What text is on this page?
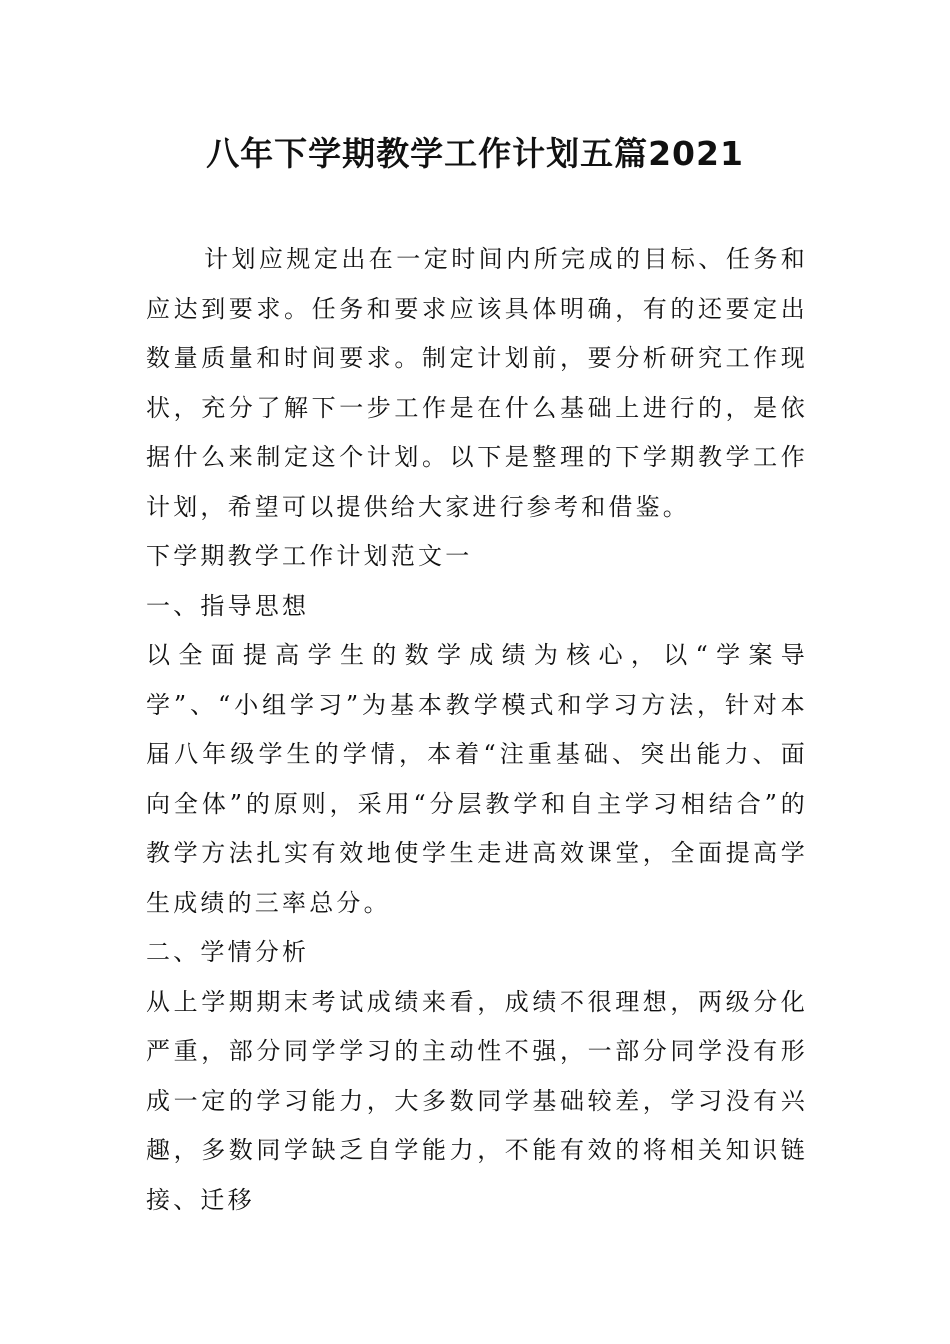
八年下学期教学工作计划五篇2021

计划应规定出在一定时间内所完成的目标、任务和应达到要求。任务和要求应该具体明确，有的还要定出数量质量和时间要求。制定计划前，要分析研究工作现状，充分了解下一步工作是在什么基础上进行的，是依据什么来制定这个计划。以下是整理的下学期教学工作计划，希望可以提供给大家进行参考和借鉴。

下学期教学工作计划范文一

一、指导思想

以全面提高学生的数学成绩为核心，以“学案导学”、“小组学习”为基本教学模式和学习方法，针对本届八年级学生的学情，本着“注重基础、突出能力、面向全体”的原则，采用“分层教学和自主学习相结合”的教学方法扎实有效地使学生走进高效课堂，全面提高学生成绩的三率总分。

二、学情分析

从上学期期末考试成绩来看，成绩不很理想，两级分化严重，部分同学学习的主动性不强，一部分同学没有形成一定的学习能力，大多数同学基础较差，学习没有兴趣，多数同学缺乏自学能力，不能有效的将相关知识链接、迁移
